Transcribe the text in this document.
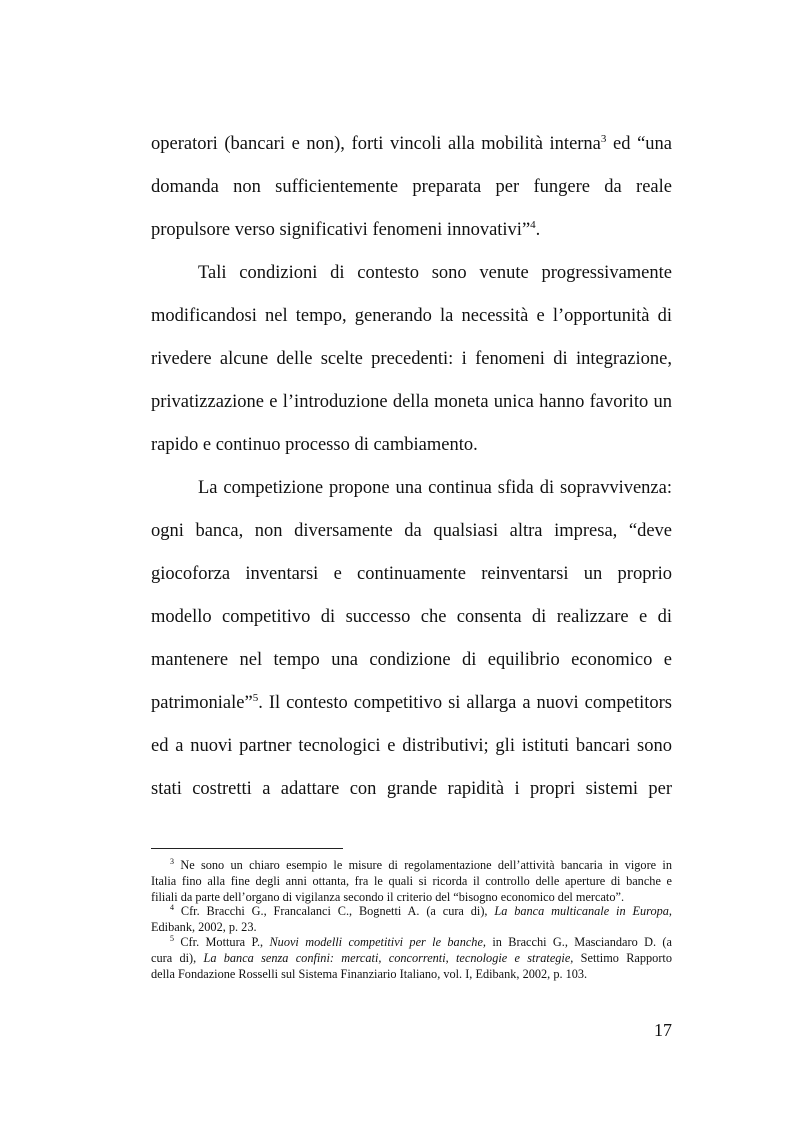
operatori (bancari e non), forti vincoli alla mobilità interna$^3$ ed “una
domanda non sufficientemente preparata per fungere da reale
propulsore verso significativi fenomeni innovativi”$^4$.
Tali condizioni di contesto sono venute progressivamente
modificandosi nel tempo, generando la necessità e l’opportunità di
rivedere alcune delle scelte precedenti: i fenomeni di integrazione,
privatizzazione e l’introduzione della moneta unica hanno favorito un
rapido e continuo processo di cambiamento.
La competizione propone una continua sfida di sopravvivenza:
ogni banca, non diversamente da qualsiasi altra impresa, “deve
giocoforza inventarsi e continuamente reinventarsi un proprio
modello competitivo di successo che consenta di realizzare e di
mantenere nel tempo una condizione di equilibrio economico e
patrimoniale”$^5$. Il contesto competitivo si allarga a nuovi competitors
ed a nuovi partner tecnologici e distributivi; gli istituti bancari sono
stati costretti a adattare con grande rapidità i propri sistemi per
$^3$ Ne sono un chiaro esempio le misure di regolamentazione dell’attività bancaria in vigore in
Italia fino alla fine degli anni ottanta, fra le quali si ricorda il controllo delle aperture di banche e
filiali da parte dell’organo di vigilanza secondo il criterio del “bisogno economico del mercato”.
$^4$ Cfr. Bracchi G., Francalanci C., Bognetti A. (a cura di), La banca multicanale in Europa,
Edibank, 2002, p. 23.
$^5$ Cfr. Mottura P., Nuovi modelli competitivi per le banche, in Bracchi G., Masciandaro D. (a
cura di), La banca senza confini: mercati, concorrenti, tecnologie e strategie, Settimo Rapporto
della Fondazione Rosselli sul Sistema Finanziario Italiano, vol. I, Edibank, 2002, p. 103.
17
